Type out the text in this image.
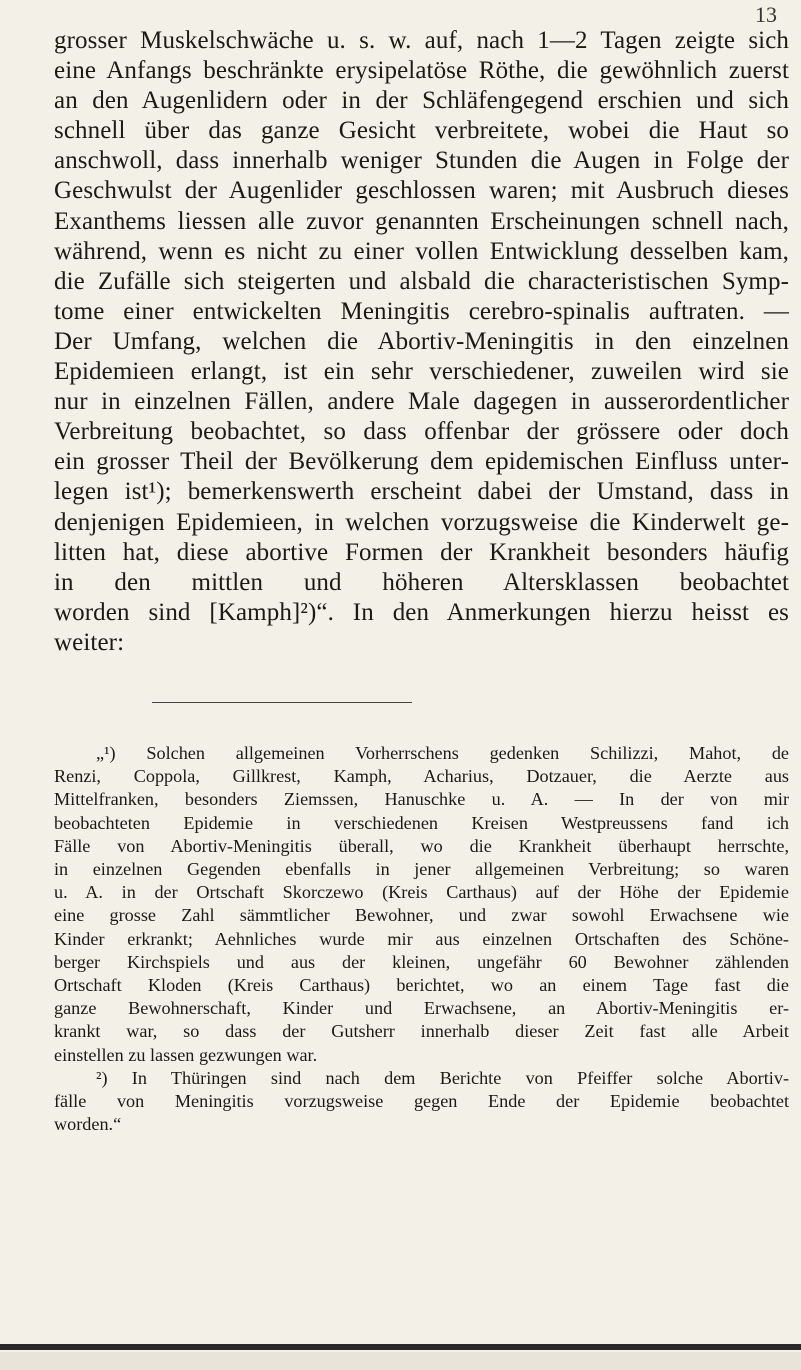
13
grosser Muskelschwäche u. s. w. auf, nach 1—2 Tagen zeigte sich
eine Anfangs beschränkte erysipelatöse Röthe, die gewöhnlich zuerst
an den Augenlidern oder in der Schläfengegend erschien und sich
schnell über das ganze Gesicht verbreitete, wobei die Haut so
anschwoll, dass innerhalb weniger Stunden die Augen in Folge der
Geschwulst der Augenlider geschlossen waren; mit Ausbruch dieses
Exanthems liessen alle zuvor genannten Erscheinungen schnell nach,
während, wenn es nicht zu einer vollen Entwicklung desselben kam,
die Zufälle sich steigerten und alsbald die characteristischen Symp-
tome einer entwickelten Meningitis cerebro-spinalis auftraten. —
Der Umfang, welchen die Abortiv-Meningitis in den einzelnen
Epidemieen erlangt, ist ein sehr verschiedener, zuweilen wird sie
nur in einzelnen Fällen, andere Male dagegen in ausserordentlicher
Verbreitung beobachtet, so dass offenbar der grössere oder doch
ein grosser Theil der Bevölkerung dem epidemischen Einfluss unter-
legen ist¹); bemerkenswerth erscheint dabei der Umstand, dass in
denjenigen Epidemieen, in welchen vorzugsweise die Kinderwelt ge-
litten hat, diese abortive Formen der Krankheit besonders häufig
in den mittlen und höheren Altersklassen beobachtet
worden sind [Kamph]²)“. In den Anmerkungen hierzu heisst es
weiter:
„¹) Solchen allgemeinen Vorherrschens gedenken Schilizzi, Mahot, de
Renzi, Coppola, Gillkrest, Kamph, Acharius, Dotzauer, die Aerzte aus
Mittelfranken, besonders Ziemssen, Hanuschke u. A. — In der von mir
beobachteten Epidemie in verschiedenen Kreisen Westpreussens fand ich
Fälle von Abortiv-Meningitis überall, wo die Krankheit überhaupt herrschte,
in einzelnen Gegenden ebenfalls in jener allgemeinen Verbreitung; so waren
u. A. in der Ortschaft Skorczewo (Kreis Carthaus) auf der Höhe der Epidemie
eine grosse Zahl sämmtlicher Bewohner, und zwar sowohl Erwachsene wie
Kinder erkrankt; Aehnliches wurde mir aus einzelnen Ortschaften des Schöne-
berger Kirchspiels und aus der kleinen, ungefähr 60 Bewohner zählenden
Ortschaft Kloden (Kreis Carthaus) berichtet, wo an einem Tage fast die
ganze Bewohnerschaft, Kinder und Erwachsene, an Abortiv-Meningitis er-
krankt war, so dass der Gutsherr innerhalb dieser Zeit fast alle Arbeit
einstellen zu lassen gezwungen war.
²) In Thüringen sind nach dem Berichte von Pfeiffer solche Abortiv-
fälle von Meningitis vorzugsweise gegen Ende der Epidemie beobachtet
worden.“
